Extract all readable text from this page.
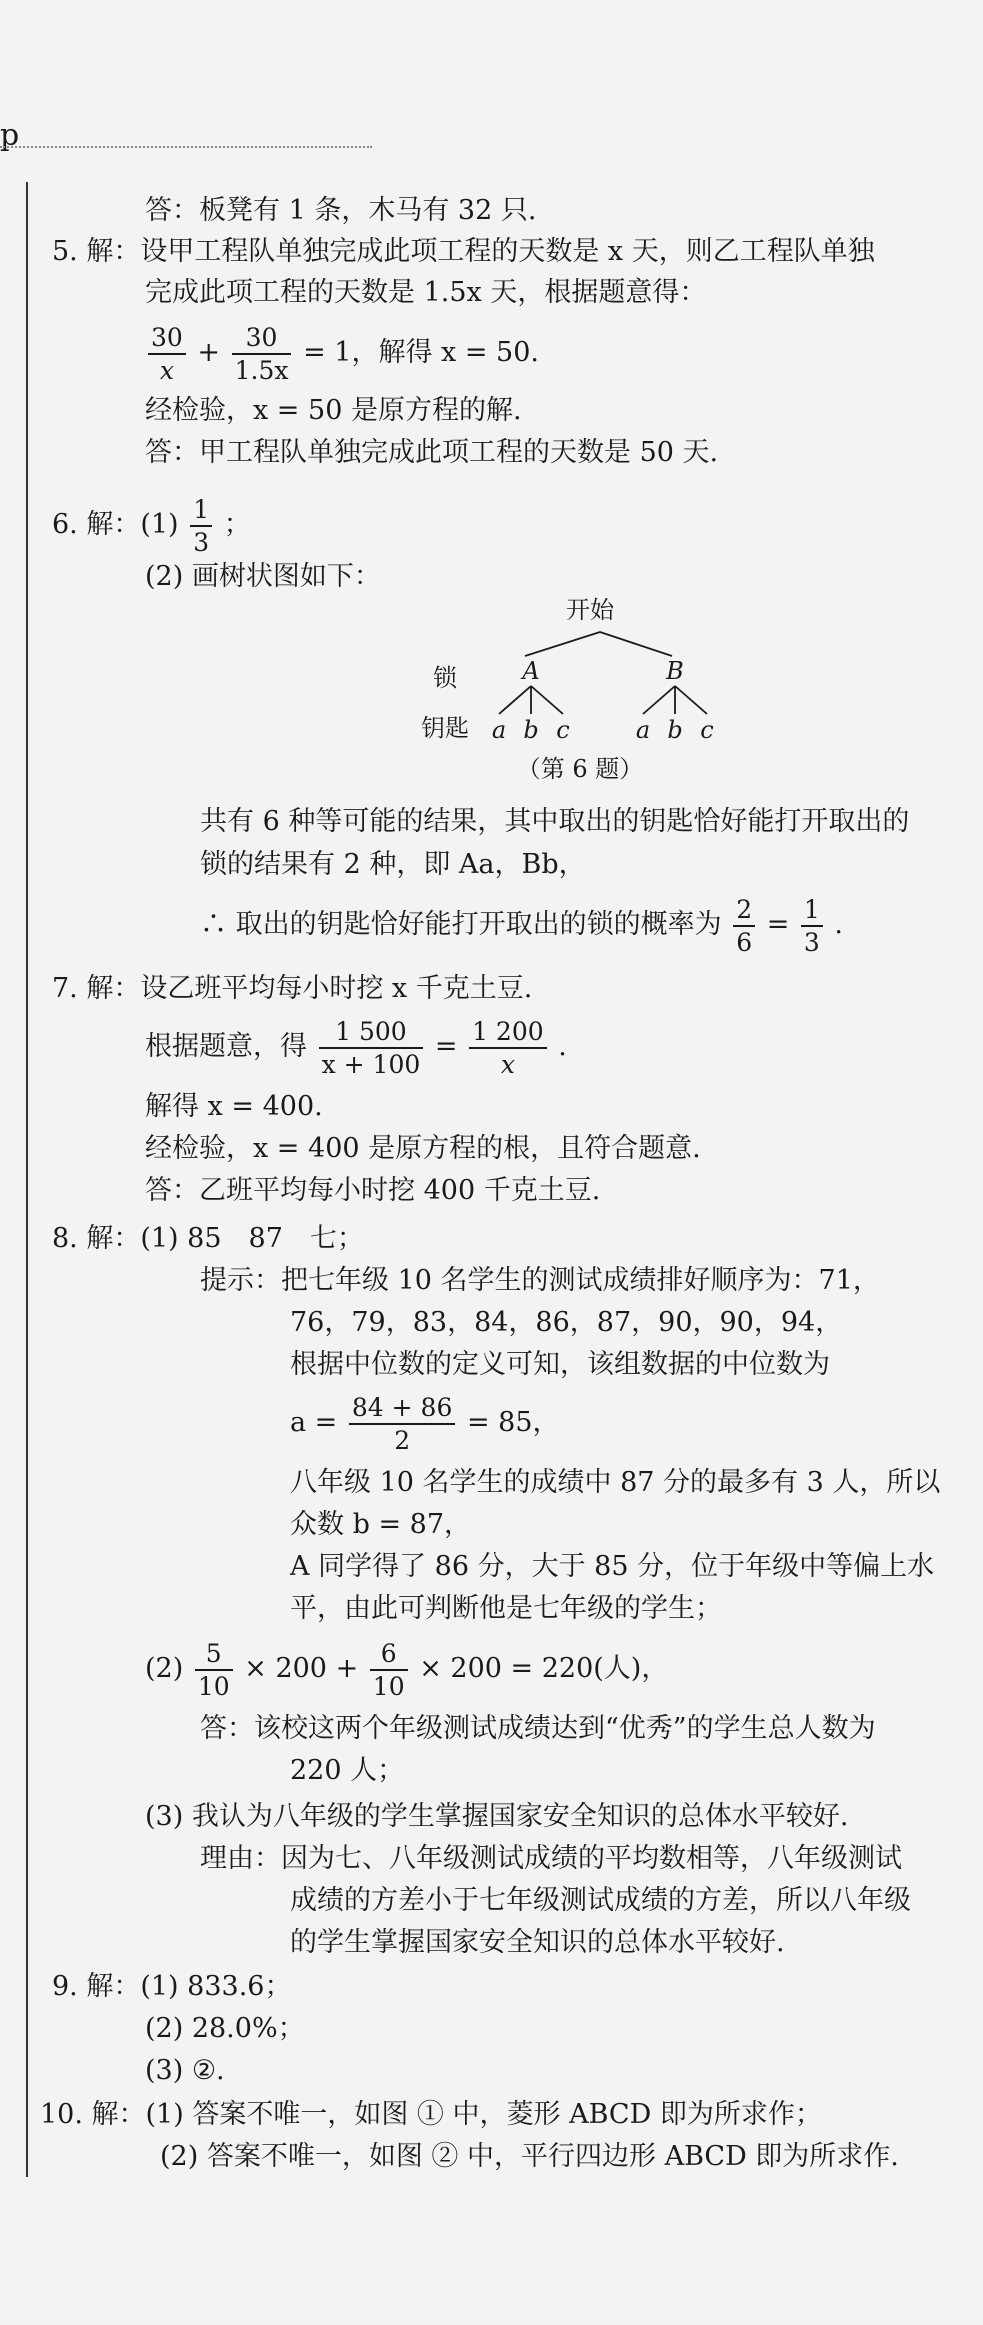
p
答：板凳有 1 条，木马有 32 只.
5. 解：设甲工程队单独完成此项工程的天数是 x 天，则乙工程队单独
完成此项工程的天数是 1.5x 天，根据题意得：
$\frac{30}{x} + \frac{30}{1.5x} = 1$，解得 x = 50.
经检验，x = 50 是原方程的解.
答：甲工程队单独完成此项工程的天数是 50 天.
6. 解：$(1) \frac{1}{3}$ ；
(2) 画树状图如下：
开始
锁	A	B
钥匙 a b c	a b c
（第 6 题）
共有 6 种等可能的结果，其中取出的钥匙恰好能打开取出的
锁的结果有 2 种，即 Aa，Bb，
∴ 取出的钥匙恰好能打开取出的锁的概率为 $\frac{2}{6} = \frac{1}{3}$ .
7. 解：设乙班平均每小时挖 x 千克土豆.
根据题意，得 $\frac{1 500}{x + 100} = \frac{1 200}{x}$ .
解得 x = 400.
经检验，x = 400 是原方程的根，且符合题意.
答：乙班平均每小时挖 400 千克土豆.
8. 解：(1) 85　87　七；
提示：把七年级 10 名学生的测试成绩排好顺序为：71，
76，79，83，84，86，87，90，90，94，
根据中位数的定义可知，该组数据的中位数为
$a = \frac{84 + 86}{2} = 85$，
八年级 10 名学生的成绩中 87 分的最多有 3 人，所以
众数 b = 87，
A 同学得了 86 分，大于 85 分，位于年级中等偏上水
平，由此可判断他是七年级的学生；
$(2) \frac{5}{10} \times 200 + \frac{6}{10} \times 200 = 220$(人)，
答：该校这两个年级测试成绩达到“优秀”的学生总人数为
220 人；
(3) 我认为八年级的学生掌握国家安全知识的总体水平较好.
理由：因为七、八年级测试成绩的平均数相等，八年级测试
成绩的方差小于七年级测试成绩的方差，所以八年级
的学生掌握国家安全知识的总体水平较好.
9. 解：(1) 833.6；
(2) 28.0%；
(3) ②.
10. 解：(1) 答案不唯一，如图 ① 中，菱形 ABCD 即为所求作；
(2) 答案不唯一，如图 ② 中，平行四边形 ABCD 即为所求作.
